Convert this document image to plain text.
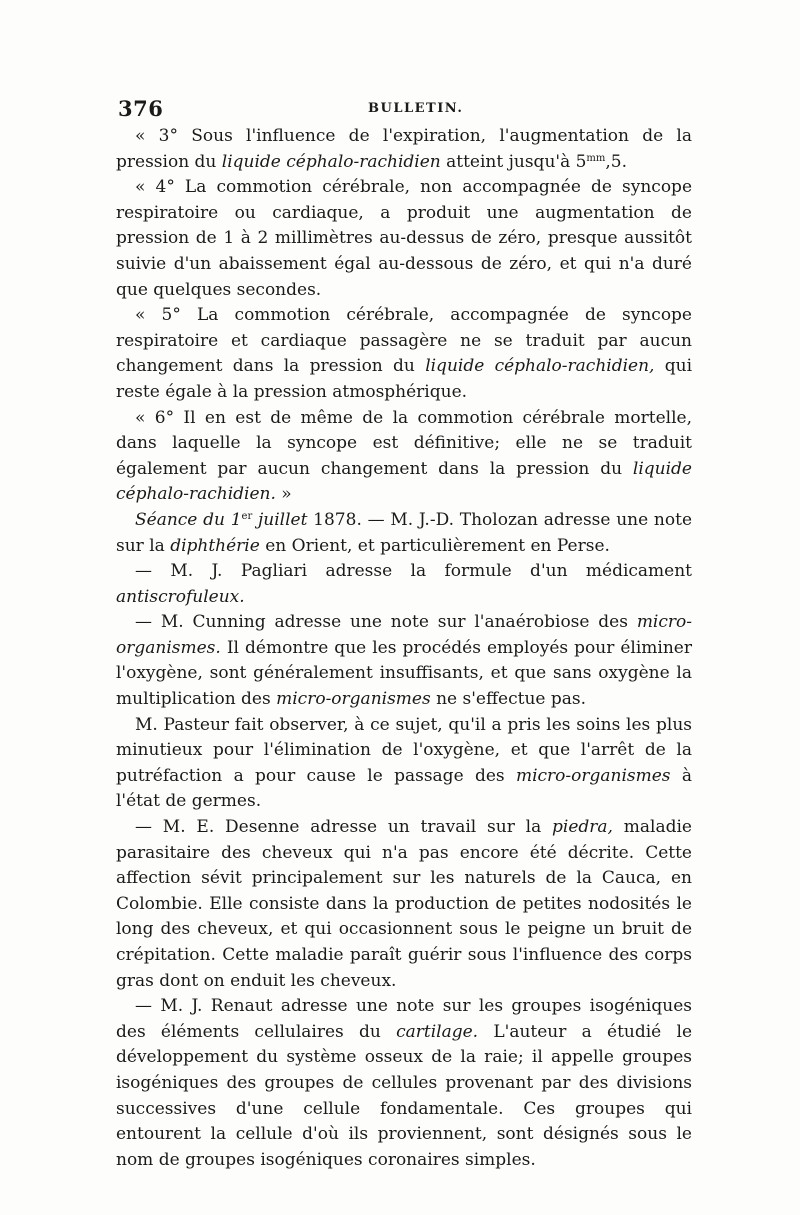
376	BULLETIN.

« 3° Sous l'influence de l'expiration, l'augmentation de la pression du liquide céphalo-rachidien atteint jusqu'à $5^{mm},5$.

« 4° La commotion cérébrale, non accompagnée de syncope respiratoire ou cardiaque, a produit une augmentation de pression de 1 à 2 millimètres au-dessus de zéro, presque aussitôt suivie d'un abaissement égal au-dessous de zéro, et qui n'a duré que quelques secondes.

« 5° La commotion cérébrale, accompagnée de syncope respiratoire et cardiaque passagère ne se traduit par aucun changement dans la pression du liquide céphalo-rachidien, qui reste égale à la pression atmosphérique.

« 6° Il en est de même de la commotion cérébrale mortelle, dans laquelle la syncope est définitive; elle ne se traduit également par aucun changement dans la pression du liquide céphalo-rachidien. »

Séance du 1er juillet 1878. — M. J.-D. Tholozan adresse une note sur la diphthérie en Orient, et particulièrement en Perse.

— M. J. Pagliari adresse la formule d'un médicament antiscrofuleux.

— M. Cunning adresse une note sur l'anaérobiose des micro-organismes. Il démontre que les procédés employés pour éliminer l'oxygène, sont généralement insuffisants, et que sans oxygène la multiplication des micro-organismes ne s'effectue pas.

M. Pasteur fait observer, à ce sujet, qu'il a pris les soins les plus minutieux pour l'élimination de l'oxygène, et que l'arrêt de la putréfaction a pour cause le passage des micro-organismes à l'état de germes.

— M. E. Desenne adresse un travail sur la piedra, maladie parasitaire des cheveux qui n'a pas encore été décrite. Cette affection sévit principalement sur les naturels de la Cauca, en Colombie. Elle consiste dans la production de petites nodosités le long des cheveux, et qui occasionnent sous le peigne un bruit de crépitation. Cette maladie paraît guérir sous l'influence des corps gras dont on enduit les cheveux.

— M. J. Renaut adresse une note sur les groupes isogéniques des éléments cellulaires du cartilage. L'auteur a étudié le développement du système osseux de la raie; il appelle groupes isogéniques des groupes de cellules provenant par des divisions successives d'une cellule fondamentale. Ces groupes qui entourent la cellule d'où ils proviennent, sont désignés sous le nom de groupes isogéniques coronaires simples.
